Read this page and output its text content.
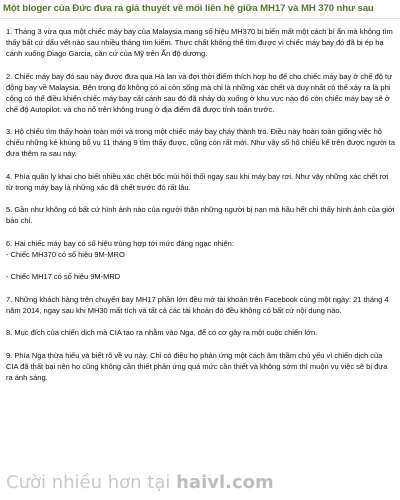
Một bloger của Đức đưa ra giả thuyết về mối liên hệ giữa MH17 và MH 370 như sau

1. Tháng 3 vừa qua một chiếc máy bay của Malaysia mang số hiệu MH370 bị biến mất một cách bí ẩn mà không tìm thấy bất cứ dấu vết nào sau nhiều tháng tìm kiếm. Thực chất không thể tìm được vì chiếc máy bay đó đã bị ép hạ cánh xuống Diago Garcia, căn cứ của Mỹ trên Ấn độ dương.

2. Chiếc máy bay đó sau này được đưa qua Hà lan và đợi thời điểm thích hợp họ để cho chiếc máy bay ở chế độ tự động bay về Malaysia. Bên trong đó không có ai còn sống mà chỉ là những xác chết và duy nhất có thể xảy ra là phi công có thể điều khiển chiếc máy bay cất cánh sau đó đã nhảy dù xuống ở khu vực nào đó còn chiếc máy bay sẽ ở chế độ Autopilot. và cho nổ trên không trung ở địa điểm đã được tính toán trước.

3. Hộ chiếu tìm thấy hoàn toàn mới và trong một chiếc máy bay cháy thành tro. Điều này hoàn toàn giống việc hộ chiếu những kẻ khủng bố vụ 11 tháng 9 tìm thấy được, cũng còn rất mới. Như vậy số hộ chiếu kể trên được người ta đưa thêm ra sau này.

4. Phía quân ly khai cho biết nhiều xác chết bốc mùi hôi thối ngay sau khi máy bay rơi. Như vậy những xác chết rơi từ trong máy bay là những xác đã chết trước đó rất lâu.

5. Gần như không có bất cứ hình ảnh nào của người thân những người bị nạn mà hầu hết chỉ thấy hình ảnh của giới báo chí.

6. Hai chiếc máy bay có số hiệu trùng hợp tới mức đáng ngạc nhiên:

- Chiếc MH370 có số hiệu 9M-MRO

- Chiếc MH17 có số hiệu 9M-MRD

7. Những khách hàng trên chuyến bay MH17 phần lớn đều mở tài khoản trên Facebook cùng một ngày: 21 tháng 4 năm 2014, ngay sau khi MH30 mất tích và tất cả các tài khoản đó đều không có bất cứ nội dung nào.

8. Mục đích của chiến dịch mà CIA tạo ra nhằm vào Nga, để có cơ gây ra một cuộc chiến lớn.

9. Phía Nga thừa hiểu và biết rõ về vụ này. Chỉ có điều họ phản ứng một cách âm thầm chủ yếu vì chiến dịch của CIA đã thất bại nên họ cũng không cần thiết phản ứng quá mức cần thiết và không sớm thì muộn vụ việc sẽ bị đưa ra ánh sáng.

Cười nhiều hơn tại haivl.com
